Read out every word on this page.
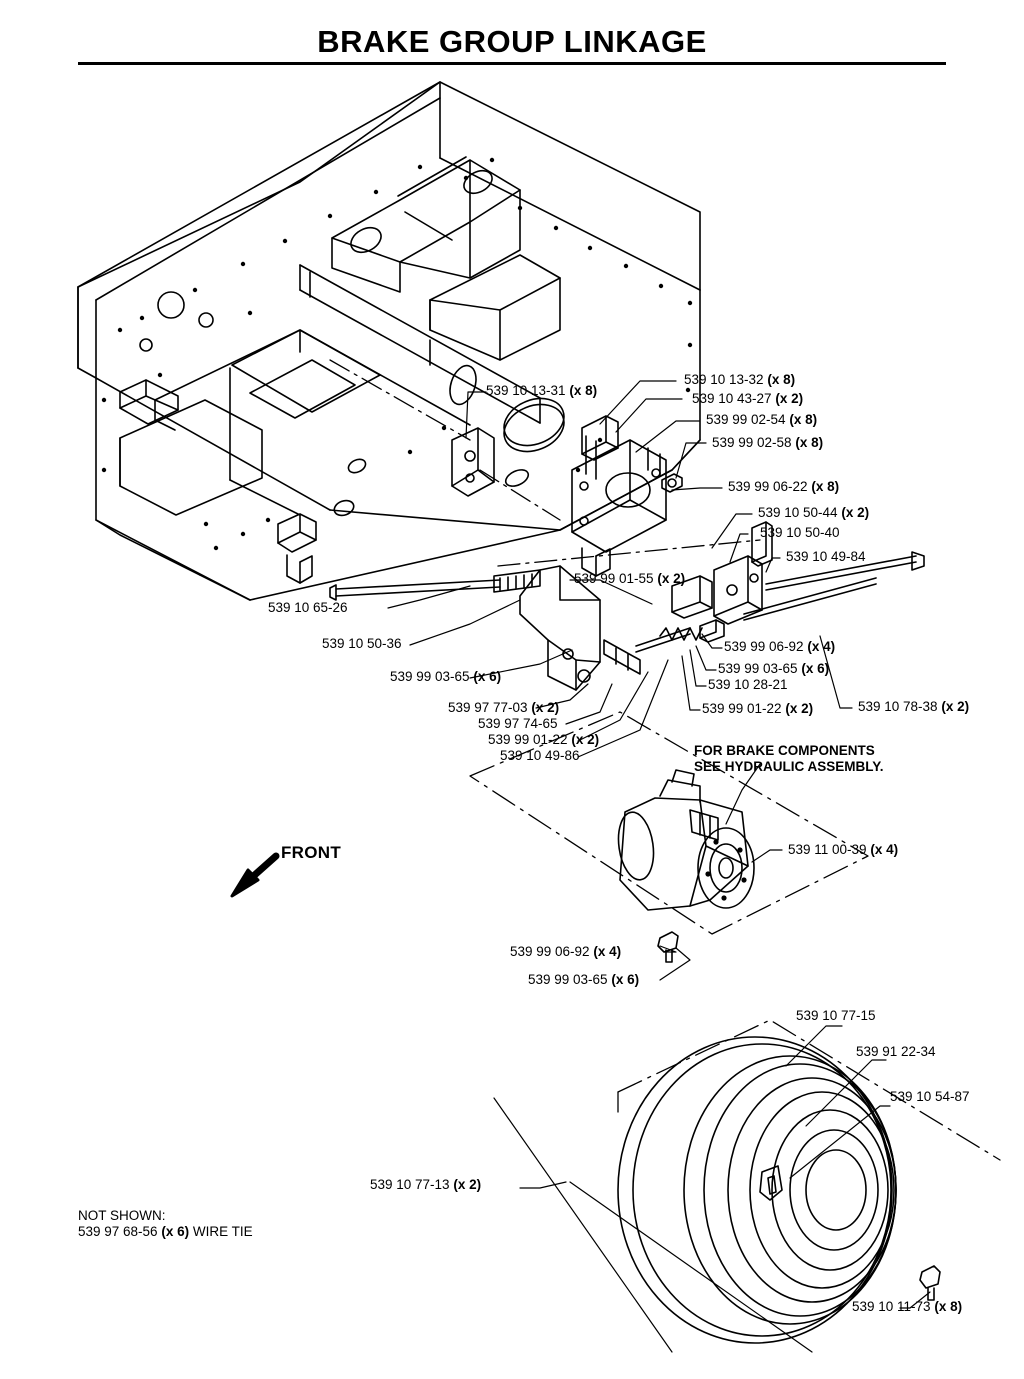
BRAKE GROUP LINKAGE
539 10 13-31 (x 8)
539 10 13-32 (x 8)
539 10 43-27 (x 2)
539 99 02-54 (x 8)
539 99 02-58 (x 8)
539 99 06-22 (x 8)
539 10 50-44 (x 2)
539 10 50-40
539 10 49-84
539 99 01-55 (x 2)
539 10 65-26
539 10 50-36
539 99 03-65 (x 6)
539 97 77-03 (x 2)
539 97 74-65
539 99 01-22 (x 2)
539 10 49-86
539 99 06-92 (x 4)
539 99 03-65 (x 6)
539 10 28-21
539 99 01-22 (x 2)	539 10 78-38 (x 2)
FOR BRAKE COMPONENTS
SEE HYDRAULIC ASSEMBLY.
539 11 00-39 (x 4)
539 99 06-92 (x 4)
539 99 03-65 (x 6)
539 10 77-15
539 91 22-34
539 10 54-87
539 10 77-13 (x 2)
539 10 11-73 (x 8)
FRONT
NOT SHOWN:
539 97 68-56 (x 6) WIRE TIE
